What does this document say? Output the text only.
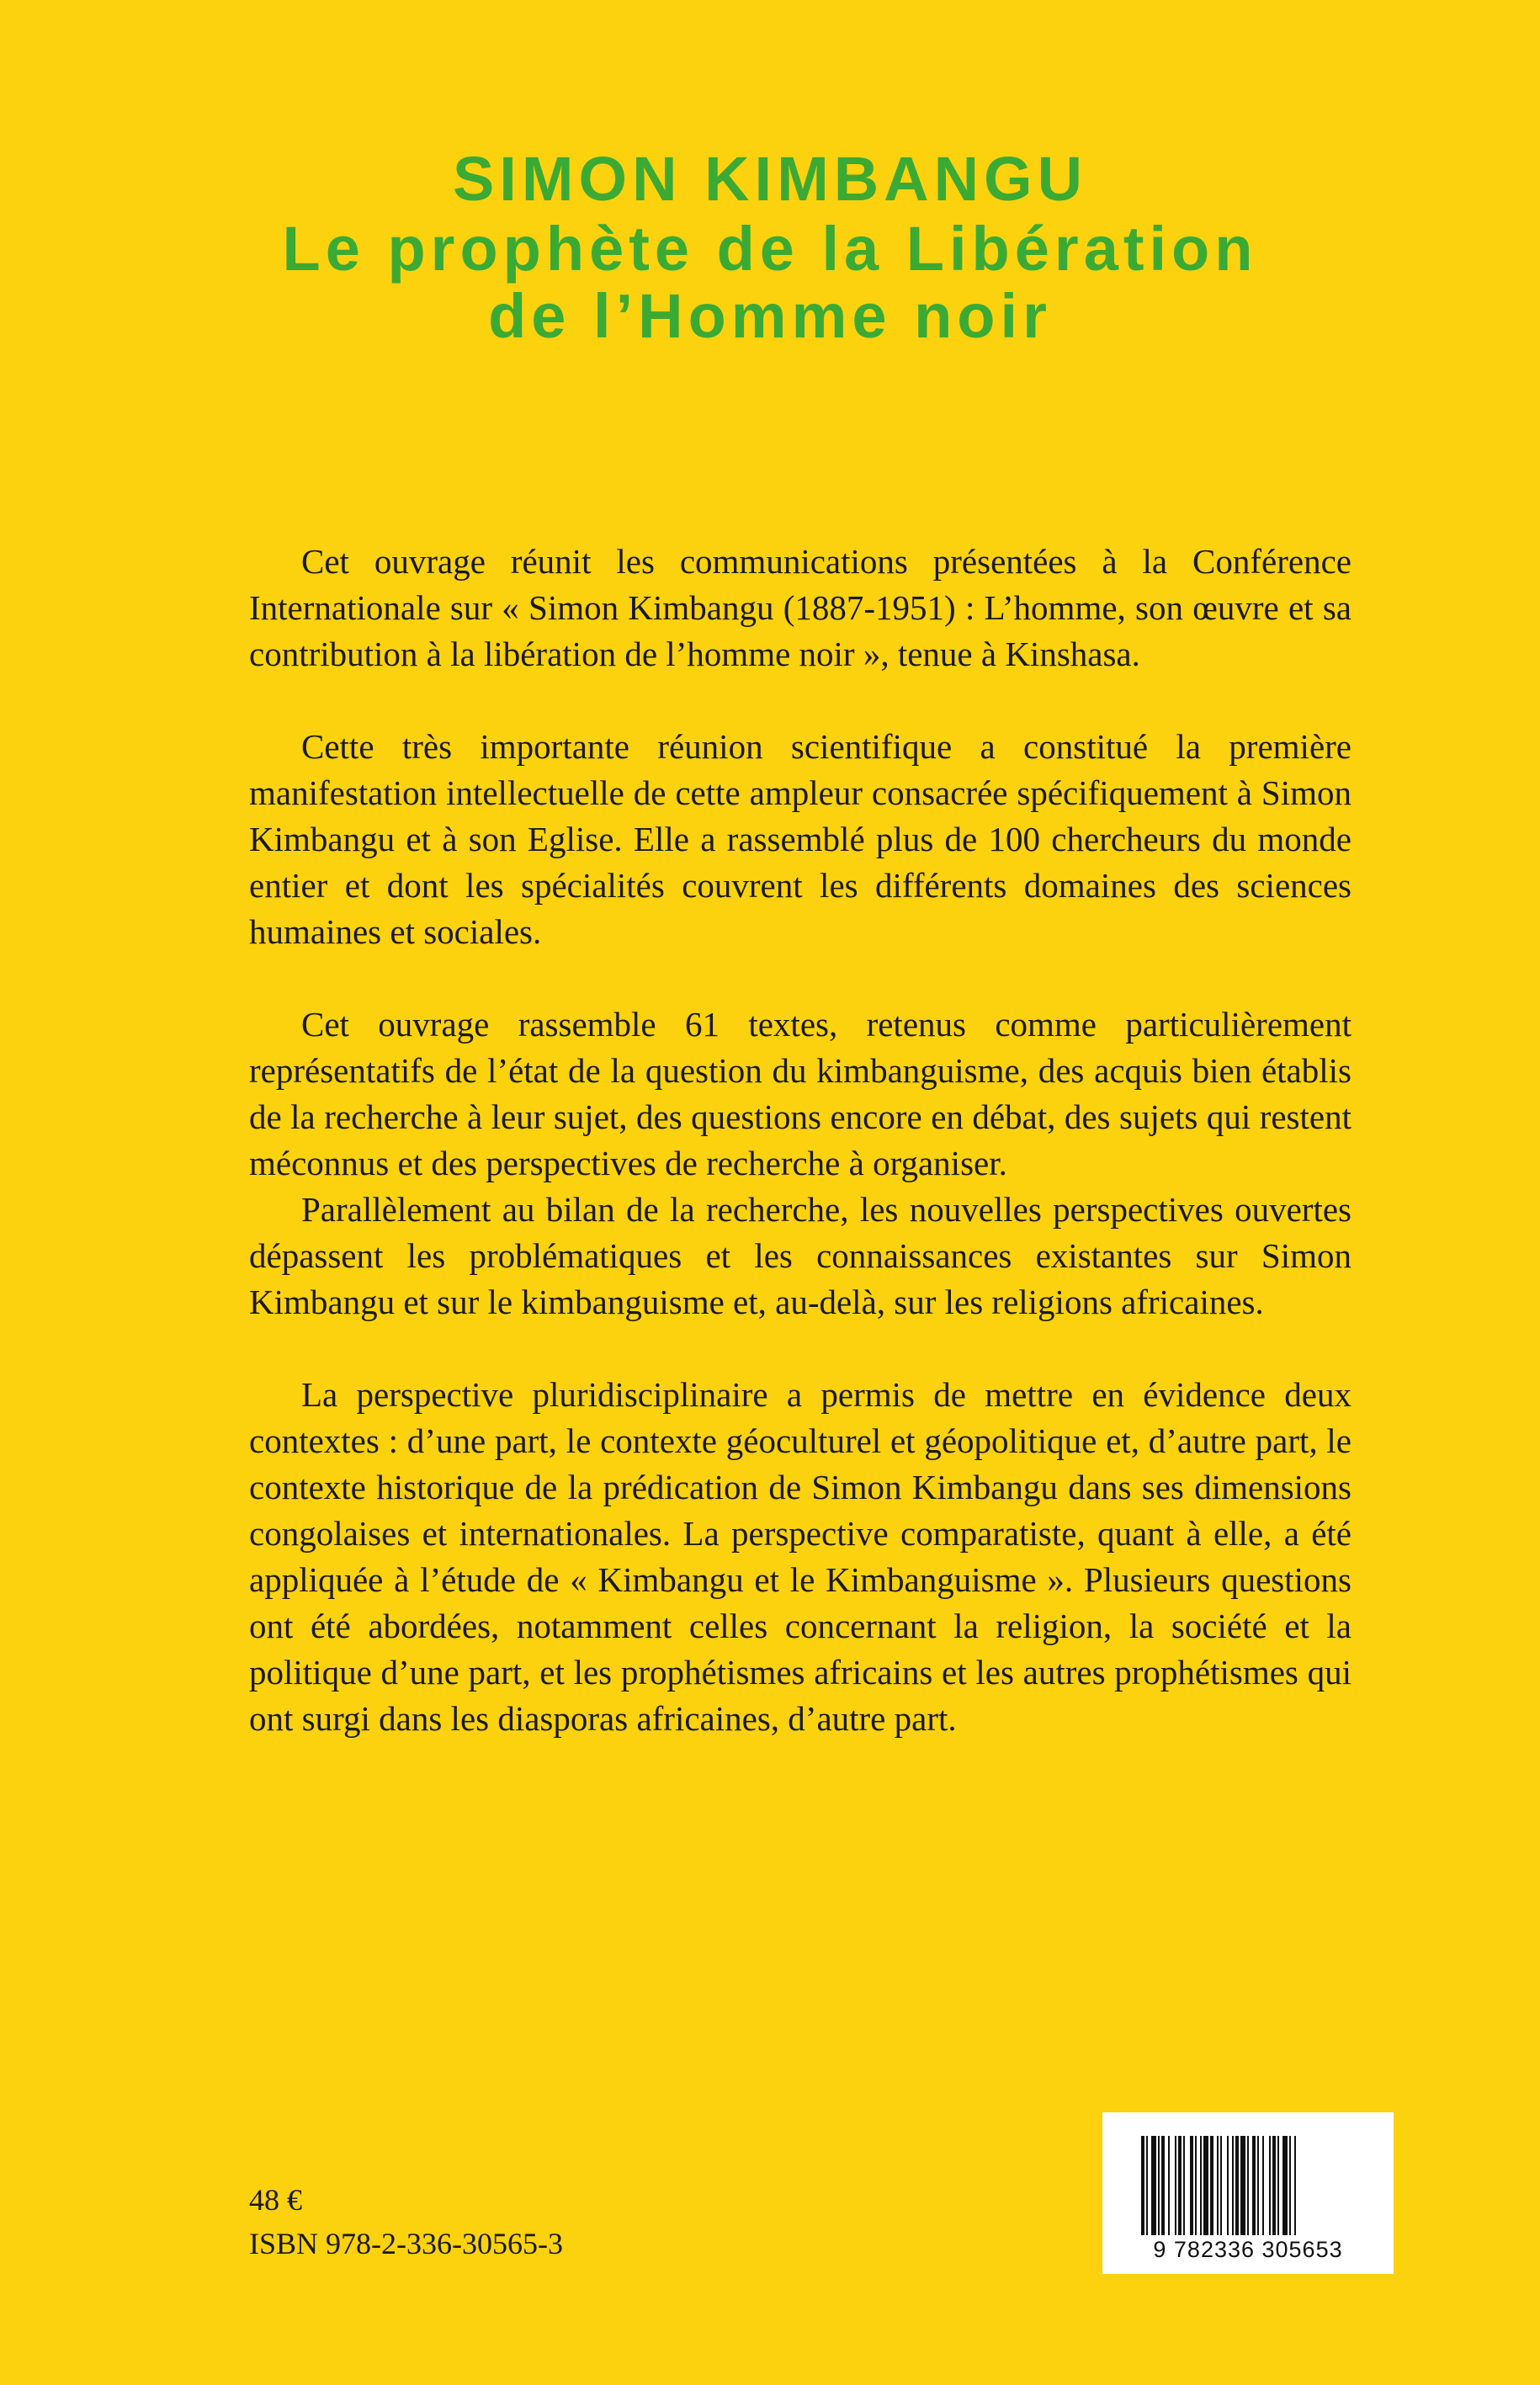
SIMON KIMBANGU
Le prophète de la Libération
de l’Homme noir

Cet ouvrage réunit les communications présentées à la Conférence Internationale sur « Simon Kimbangu (1887-1951) : L’homme, son œuvre et sa contribution à la libération de l’homme noir », tenue à Kinshasa.

Cette très importante réunion scientifique a constitué la première manifestation intellectuelle de cette ampleur consacrée spécifiquement à Simon Kimbangu et à son Eglise. Elle a rassemblé plus de 100 chercheurs du monde entier et dont les spécialités couvrent les différents domaines des sciences humaines et sociales.

Cet ouvrage rassemble 61 textes, retenus comme particulièrement représentatifs de l’état de la question du kimbanguisme, des acquis bien établis de la recherche à leur sujet, des questions encore en débat, des sujets qui restent méconnus et des perspectives de recherche à organiser.

Parallèlement au bilan de la recherche, les nouvelles perspectives ouvertes dépassent les problématiques et les connaissances existantes sur Simon Kimbangu et sur le kimbanguisme et, au-delà, sur les religions africaines.

La perspective pluridisciplinaire a permis de mettre en évidence deux contextes : d’une part, le contexte géoculturel et géopolitique et, d’autre part, le contexte historique de la prédication de Simon Kimbangu dans ses dimensions congolaises et internationales. La perspective comparatiste, quant à elle, a été appliquée à l’étude de « Kimbangu et le Kimbanguisme ». Plusieurs questions ont été abordées, notamment celles concernant la religion, la société et la politique d’une part, et les prophétismes africains et les autres prophétismes qui ont surgi dans les diasporas africaines, d’autre part.

48 €
ISBN 978-2-336-30565-3	9 782336 305653
